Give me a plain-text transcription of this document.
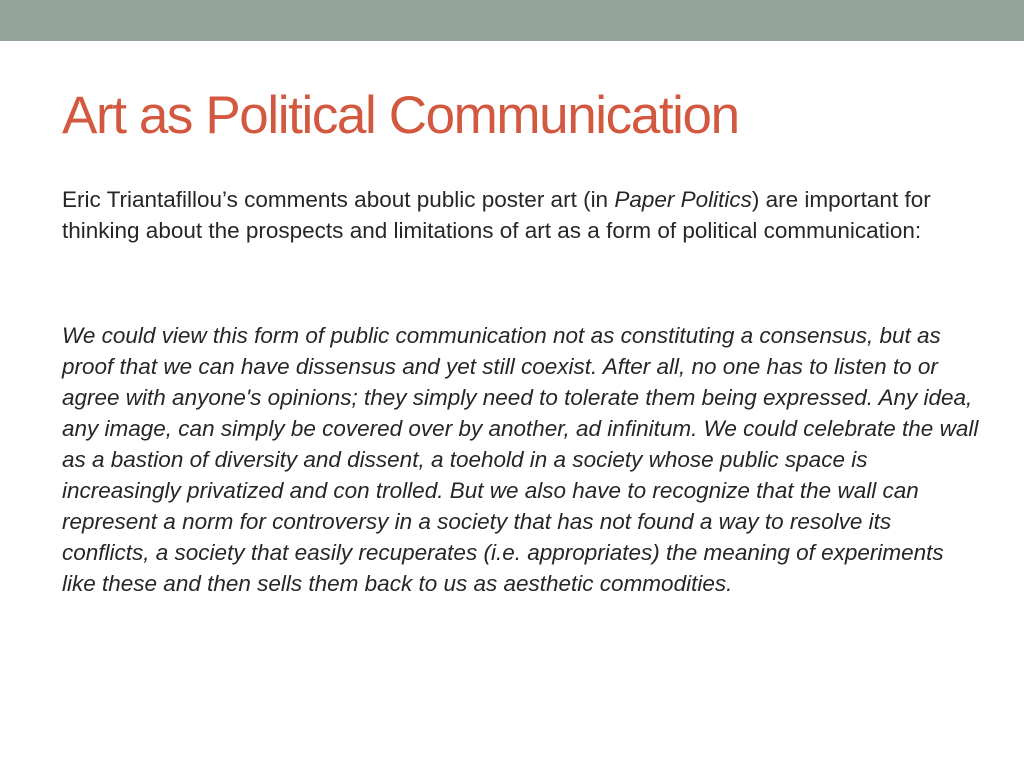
Art as Political Communication

Eric Triantafillou’s comments about public poster art (in Paper Politics) are important for thinking about the prospects and limitations of art as a form of political communication:

We could view this form of public communication not as constituting a consensus, but as proof that we can have dissensus and yet still coexist. After all, no one has to listen to or agree with anyone's opinions; they simply need to tolerate them being expressed. Any idea, any image, can simply be covered over by another, ad infinitum. We could celebrate the wall as a bastion of diversity and dissent, a toehold in a society whose public space is increasingly privatized and con trolled. But we also have to recognize that the wall can represent a norm for controversy in a society that has not found a way to resolve its conflicts, a society that easily recuperates (i.e. appropriates) the meaning of experiments like these and then sells them back to us as aesthetic commodities.
